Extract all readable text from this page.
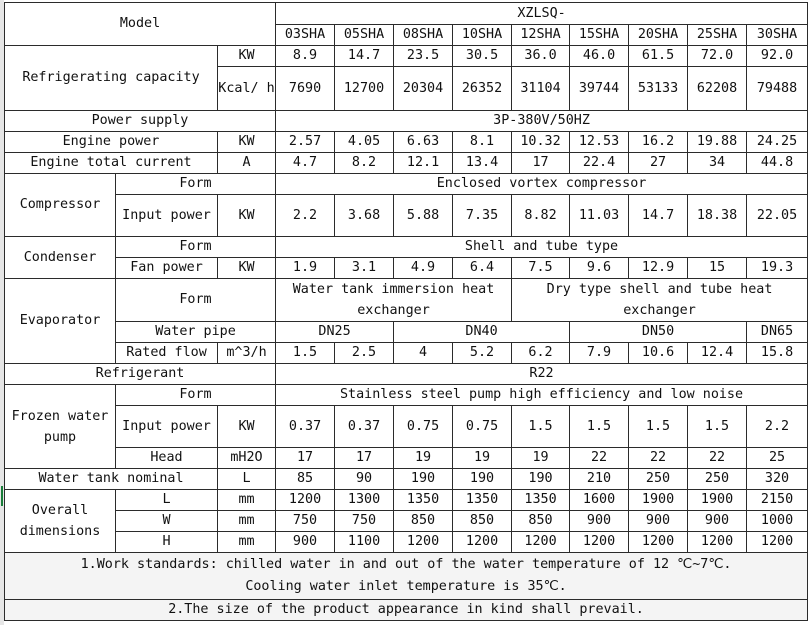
Model			XZLSQ-								
			03SHA	05SHA	08SHA	10SHA	12SHA	15SHA	20SHA	25SHA	30SHA
Refrigerating capacity		KW	8.9	14.7	23.5	30.5	36.0	46.0	61.5	72.0	92.0
		Kcal/ h	7690	12700	20304	26352	31104	39744	53133	62208	79488
Power supply			3P-380V/50HZ								
Engine power		KW	2.57	4.05	6.63	8.1	10.32	12.53	16.2	19.88	24.25
Engine total current		A	4.7	8.2	12.1	13.4	17	22.4	27	34	44.8
Compressor	Form		Enclosed vortex compressor								
	Input power	KW	2.2	3.68	5.88	7.35	8.82	11.03	14.7	18.38	22.05
Condenser	Form		Shell and tube type								
	Fan power	KW	1.9	3.1	4.9	6.4	7.5	9.6	12.9	15	19.3
Evaporator	Form		Water tank immersion heat exchanger				Dry type shell and tube heat exchanger				
	Water pipe		DN25		DN40			DN50			DN65
	Rated flow	m^3/h	1.5	2.5	4	5.2	6.2	7.9	10.6	12.4	15.8
Refrigerant			R22								
Frozen water pump	Form		Stainless steel pump high efficiency and low noise								
	Input power	KW	0.37	0.37	0.75	0.75	1.5	1.5	1.5	1.5	2.2
	Head	mH2O	17	17	19	19	19	22	22	22	25
Water tank nominal		L	85	90	190	190	190	210	250	250	320
Overall dimensions	L	mm	1200	1300	1350	1350	1350	1600	1900	1900	2150
	W	mm	750	750	850	850	850	900	900	900	1000
	H	mm	900	1100	1200	1200	1200	1200	1200	1200	1200

1.Work standards: chilled water in and out of the water temperature of 12 ℃~7℃.
Cooling water inlet temperature is 35℃.											

2.The size of the product appearance in kind shall prevail.											
